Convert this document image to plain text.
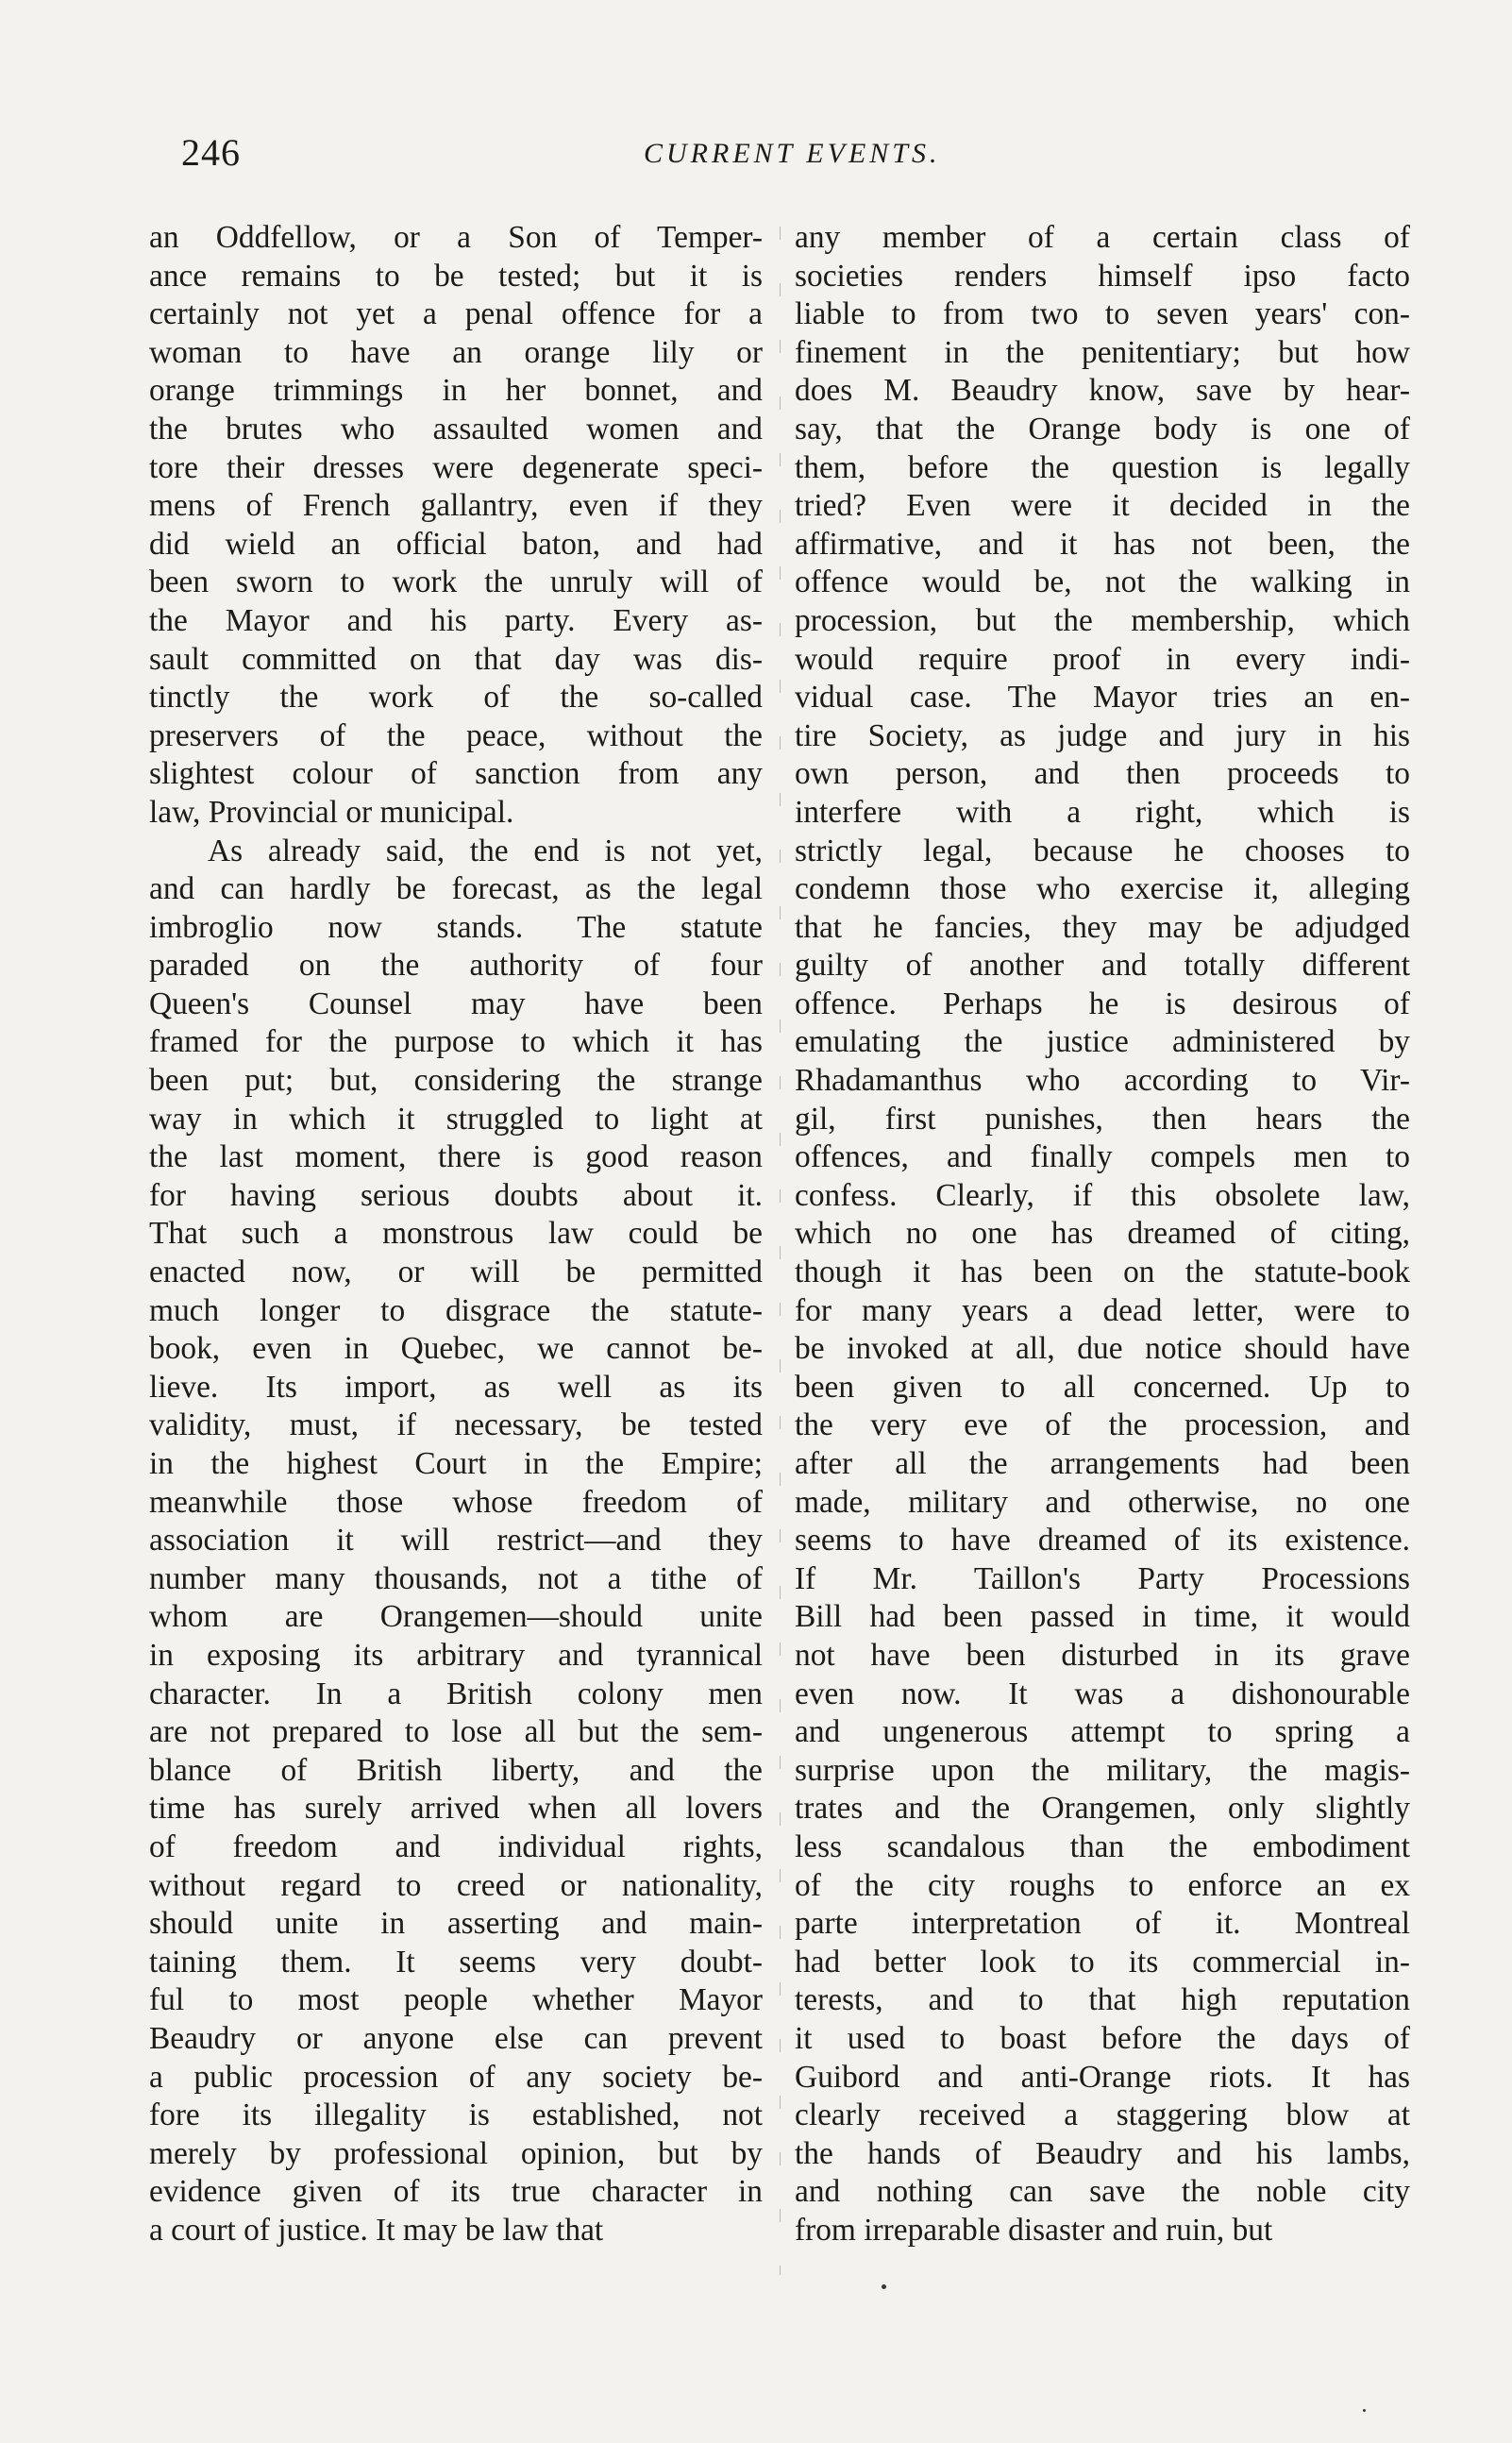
246	CURRENT EVENTS.
an Oddfellow, or a Son of Temper-
ance remains to be tested; but it is
certainly not yet a penal offence for a
woman to have an orange lily or
orange trimmings in her bonnet, and
the brutes who assaulted women and
tore their dresses were degenerate speci-
mens of French gallantry, even if they
did wield an official baton, and had
been sworn to work the unruly will of
the Mayor and his party. Every as-
sault committed on that day was dis-
tinctly the work of the so-called
preservers of the peace, without the
slightest colour of sanction from any
law, Provincial or municipal.
As already said, the end is not yet,
and can hardly be forecast, as the legal
imbroglio now stands. The statute
paraded on the authority of four
Queen's Counsel may have been
framed for the purpose to which it has
been put; but, considering the strange
way in which it struggled to light at
the last moment, there is good reason
for having serious doubts about it.
That such a monstrous law could be
enacted now, or will be permitted
much longer to disgrace the statute-
book, even in Quebec, we cannot be-
lieve. Its import, as well as its
validity, must, if necessary, be tested
in the highest Court in the Empire;
meanwhile those whose freedom of
association it will restrict—and they
number many thousands, not a tithe of
whom are Orangemen—should unite
in exposing its arbitrary and tyrannical
character. In a British colony men
are not prepared to lose all but the sem-
blance of British liberty, and the
time has surely arrived when all lovers
of freedom and individual rights,
without regard to creed or nationality,
should unite in asserting and main-
taining them. It seems very doubt-
ful to most people whether Mayor
Beaudry or anyone else can prevent
a public procession of any society be-
fore its illegality is established, not
merely by professional opinion, but by
evidence given of its true character in
a court of justice. It may be law that
any member of a certain class of
societies renders himself ipso facto
liable to from two to seven years' con-
finement in the penitentiary; but how
does M. Beaudry know, save by hear-
say, that the Orange body is one of
them, before the question is legally
tried? Even were it decided in the
affirmative, and it has not been, the
offence would be, not the walking in
procession, but the membership, which
would require proof in every indi-
vidual case. The Mayor tries an en-
tire Society, as judge and jury in his
own person, and then proceeds to
interfere with a right, which is
strictly legal, because he chooses to
condemn those who exercise it, alleging
that he fancies, they may be adjudged
guilty of another and totally different
offence. Perhaps he is desirous of
emulating the justice administered by
Rhadamanthus who according to Vir-
gil, first punishes, then hears the
offences, and finally compels men to
confess. Clearly, if this obsolete law,
which no one has dreamed of citing,
though it has been on the statute-book
for many years a dead letter, were to
be invoked at all, due notice should have
been given to all concerned. Up to
the very eve of the procession, and
after all the arrangements had been
made, military and otherwise, no one
seems to have dreamed of its existence.
If Mr. Taillon's Party Processions
Bill had been passed in time, it would
not have been disturbed in its grave
even now. It was a dishonourable
and ungenerous attempt to spring a
surprise upon the military, the magis-
trates and the Orangemen, only slightly
less scandalous than the embodiment
of the city roughs to enforce an ex
parte interpretation of it. Montreal
had better look to its commercial in-
terests, and to that high reputation
it used to boast before the days of
Guibord and anti-Orange riots. It has
clearly received a staggering blow at
the hands of Beaudry and his lambs,
and nothing can save the noble city
from irreparable disaster and ruin, but
